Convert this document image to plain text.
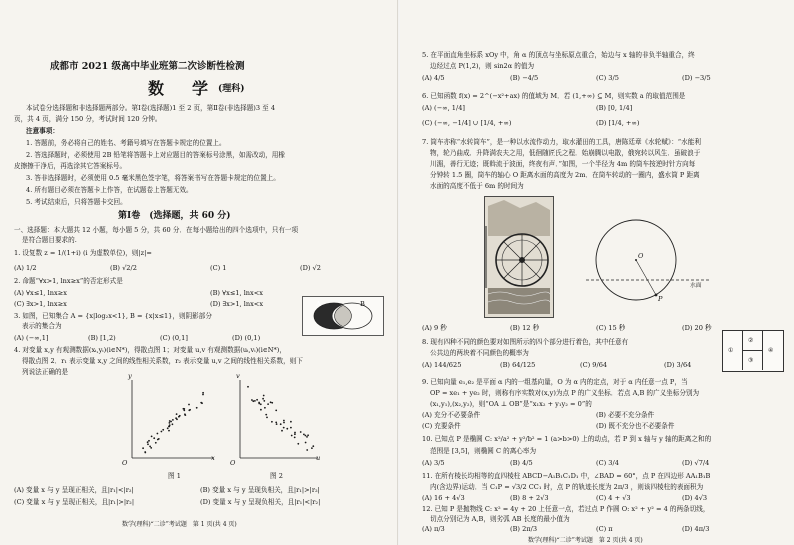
成都市 2021 级高中毕业班第二次诊断性检测
数　学 (理科)
本试卷分选择题和非选择题两部分。第Ⅰ卷(选择题)1 至 2 页，第Ⅱ卷(非选择题)3 至 4
页，共 4 页，满分 150 分，考试时间 120 分钟。
注意事项：
1. 答题前，务必将自己的姓名、考籍号填写在答题卡规定的位置上。
2. 答选择题时，必须使用 2B 铅笔将答题卡上对应题目的答案标号涂黑，如需改动，用橡
皮擦擦干净后，再选涂其它答案标号。
3. 答非选择题时，必须使用 0.5 毫米黑色签字笔，将答案书写在答题卡规定的位置上。
4. 所有题目必须在答题卡上作答，在试题卷上答题无效。
5. 考试结束后，只将答题卡交回。
第Ⅰ卷　(选择题，共 60 分)
一、选择题：本大题共 12 小题，每小题 5 分，共 60 分．在每小题给出的四个选项中，只有一项
是符合题目要求的.
1. 设复数 z = 1/(1+i) (i 为虚数单位)，则|z|=
(A) 1/2	(B) √2/2	(C) 1	(D) √2
2. 命题“∀x>1, lnx≥x”的否定形式是
(A) ∀x≤1, lnx≥x	(B) ∀x≤1, lnx<x
(C) ∃x>1, lnx≥x	(D) ∃x>1, lnx<x
3. 如图，已知集合 A = {x|log₂x<1}, B = {x|x≤1}，则阴影部分
表示的集合为
(A) (−∞,1]	(B) [1,2)	(C) (0,1]	(D) (0,1)
A	B
4. 对变量 x,y 有观测数据(xᵢ,yᵢ)(i∈N*)，得散点图 1；对变量 u,v 有观测数据(uᵢ,vᵢ)(i∈N*)，
得散点图 2．r₁ 表示变量 x,y 之间的线性相关系数，r₂ 表示变量 u,v 之间的线性相关系数，则下
列说法正确的是
O
x
y
图 1
O
u
v
图 2
(A) 变量 x 与 y 呈现正相关，且|r₁|<|r₂|	(B) 变量 x 与 y 呈现负相关，且|r₁|>|r₂|
(C) 变量 x 与 y 呈现正相关，且|r₁|>|r₂|	(D) 变量 x 与 y 呈现负相关，且|r₁|<|r₂|
数学(理科)“二诊”考试题　第 1 页(共 4 页)
5. 在平面直角坐标系 xOy 中，角 α 的顶点与坐标原点重合，始边与 x 轴的非负半轴重合，终
边经过点 P(1,2)，则 sin2α 的值为
(A) 4/5	(B) −4/5	(C) 3/5	(D) −3/5
6. 已知函数 f(x) = 2^(−x²+ax) 的值域为 M．若 (1,+∞) ⊆ M，则实数 a 的取值范围是
(A) (−∞, 1/4]	(B) [0, 1/4]
(C) (−∞, −1/4] ∪ [1/4, +∞)	(D) [1/4, +∞)
7. 筒车亦称“水转筒车”，是一种以水流作动力，取水灌田的工具，唐陈廷章《水轮赋》：“水能利
物，轮乃曲成．升降满农夫之用，低徊随匠氏之程．始崩腾以电散，俄宛转以风生．虽破浪于
川湄，善行无迹；既斡流于波面，终夜有声．”如图，一个半径为 4m 的筒车按逆时针方向每
分钟转 1.5 圈，筒车的轴心 O 距离水面的高度为 2m．在筒车转动的一圈内，盛水筒 P 距离
水面的高度不低于 6m 的时间为
O
P
水面
(A) 9 秒	(B) 12 秒	(C) 15 秒	(D) 20 秒
8. 现有四种不同的颜色要对如图所示的四个部分进行着色，其中任意有
公共边的两块着不同颜色的概率为
(A) 144/625	(B) 64/125	(C) 9/64	(D) 3/64
①
②
③
④
9. 已知向量 e₁,e₂ 是平面 α 内的一组基向量，O 为 α 内的定点，对于 α 内任意一点 P，当
OP = xe₁ + ye₂ 时，则称有序实数对(x,y)为点 P 的广义坐标．若点 A,B 的广义坐标分别为
(x₁,y₁),(x₂,y₂)，则“OA ⊥ OB”是“x₁x₂ + y₁y₂ = 0”的
(A) 充分不必要条件	(B) 必要不充分条件
(C) 充要条件	(D) 既不充分也不必要条件
10. 已知点 P 是椭圆 C: x²/a² + y²/b² = 1 (a>b>0) 上的动点，若 P 到 x 轴与 y 轴的距离之和的
范围是 [3,5]，则椭圆 C 的离心率为
(A) 3/5	(B) 4/5	(C) 3/4	(D) √7/4
11. 在所有棱长均相等的直四棱柱 ABCD−A₁B₁C₁D₁ 中，∠BAD = 60°，点 P 在四边形 AA₁B₁B
内(含边界)运动．当 C₁P = √3/2 CC₁ 时，点 P 的轨迹长度为 2π/3 ，则该四棱柱的表面积为
(A) 16 + 4√3	(B) 8 + 2√3	(C) 4 + √3	(D) 4√3
12. 已知 P 是抛物线 C: x² = 4y + 20 上任意一点，若过点 P 作圆 O: x² + y² = 4 的两条切线，
切点分别记为 A,B，则劣弧 AB 长度的最小值为
(A) π/3	(B) 2π/3	(C) π	(D) 4π/3
数学(理科)“二诊”考试题　第 2 页(共 4 页)
